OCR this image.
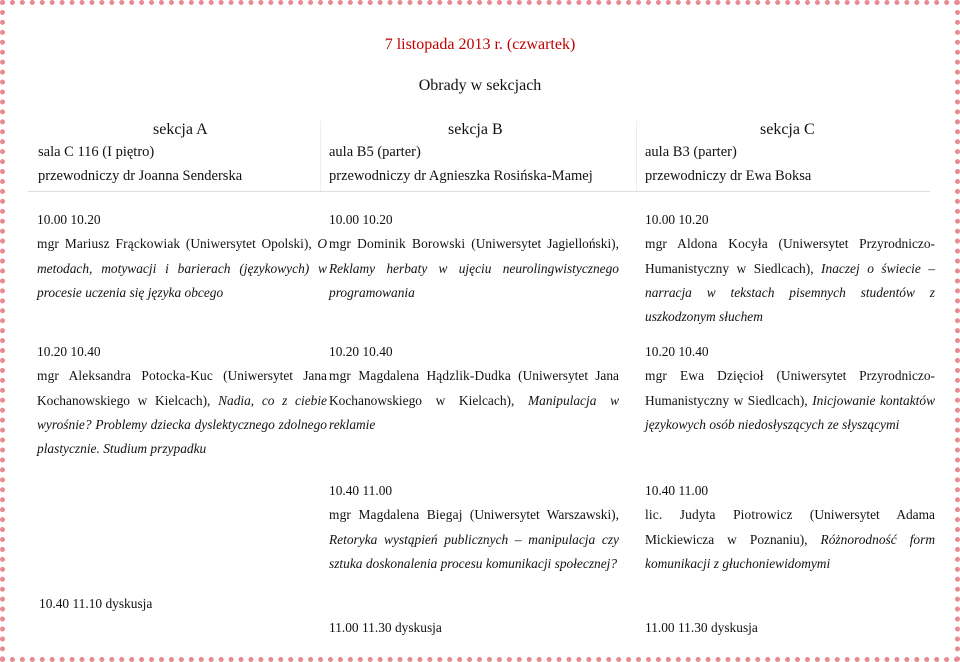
7 listopada 2013 r. (czwartek)
Obrady w sekcjach
sekcja A	sekcja B	sekcja C
sala C 116 (I piętro)
przewodniczy dr Joanna Senderska
aula B5 (parter)
przewodniczy dr Agnieszka Rosińska-Mamej
aula B3 (parter)
przewodniczy dr Ewa Boksa
10.00 10.20
mgr Mariusz Frąckowiak (Uniwersytet Opolski), O metodach, motywacji i barierach (językowych) w procesie uczenia się języka obcego
10.20 10.40
mgr Aleksandra Potocka-Kuc (Uniwersytet Jana Kochanowskiego w Kielcach), Nadia, co z ciebie wyrośnie? Problemy dziecka dyslektycznego zdolnego plastycznie. Studium przypadku
10.40 11.10 dyskusja
10.00 10.20
mgr Dominik Borowski (Uniwersytet Jagielloński), Reklamy herbaty w ujęciu neurolingwistycznego programowania
10.20 10.40
mgr Magdalena Hądzlik-Dudka (Uniwersytet Jana Kochanowskiego w Kielcach), Manipulacja w reklamie
10.40 11.00
mgr Magdalena Biegaj (Uniwersytet Warszawski), Retoryka wystąpień publicznych – manipulacja czy sztuka doskonalenia procesu komunikacji społecznej?
11.00 11.30 dyskusja
10.00 10.20
mgr Aldona Kocyła (Uniwersytet Przyrodniczo-Humanistyczny w Siedlcach), Inaczej o świecie – narracja w tekstach pisemnych studentów z uszkodzonym słuchem
10.20 10.40
mgr Ewa Dzięcioł (Uniwersytet Przyrodniczo-Humanistyczny w Siedlcach), Inicjowanie kontaktów językowych osób niedosłyszących ze słyszącymi
10.40 11.00
lic. Judyta Piotrowicz (Uniwersytet Adama Mickiewicza w Poznaniu), Różnorodność form komunikacji z głuchoniewidomymi
11.00 11.30 dyskusja
